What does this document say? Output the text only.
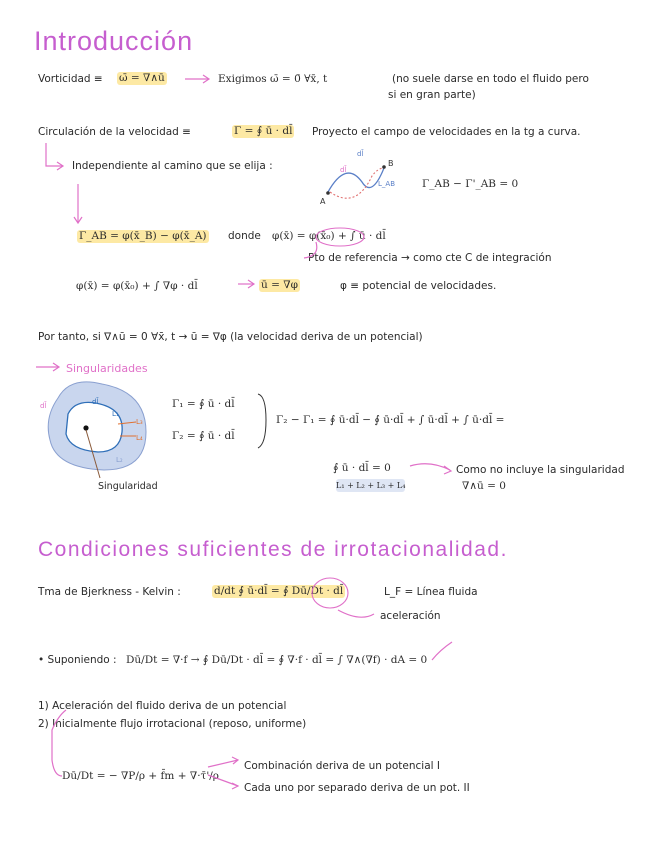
Introducción
Vorticidad ≡ ω̄ = ∇∧ū	Exigimos ω̄ = 0̄ ∀x̄, t	(no suele darse en todo el fluido pero
si en gran parte)
Circulación de la velocidad ≡	Γ = ∮ ū · dl̄ Proyecto el campo de velocidades en la tg a curva.
Independiente al camino que se elija :
Γ_AB − Γ'_AB = 0
Γ_AB = φ(x̄_B) − φ(x̄_A) donde φ(x̄) = φ(x̄₀) + ∫ ū · dl̄
Pto de referencia → como cte C de integración
φ(x̄) = φ(x̄₀) + ∫ ∇φ · dl̄	ū = ∇φ	φ ≡ potencial de velocidades.
Por tanto, si ∇∧ū = 0 ∀x̄, t → ū = ∇φ (la velocidad deriva de un potencial)
Singularidades
Γ₁ = ∮ ū · dl̄
Γ₂ = ∮ ū · dl̄
Γ₂ − Γ₁ = ∮ ū·dl̄ − ∮ ū·dl̄ + ∫ ū·dl̄ + ∫ ū·dl̄ =
∮ ū · dl̄ = 0
L₁ + L₂ + L₃ + L₄
Como no incluye la singularidad
∇∧ū = 0
Singularidad
Condiciones suficientes de irrotacionalidad.
Tma de Bjerkness - Kelvin :	d/dt ∮ ū·dl̄ = ∮ Dū/Dt · dl̄	L_F = Línea fluida
aceleración
• Suponiendo : Dū/Dt = ∇·f → ∮ Dū/Dt · dl̄ = ∮ ∇·f · dl̄ = ∫ ∇∧(∇f) · dA = 0
1) Aceleración del fluido deriva de un potencial
2) Inicialmente flujo irrotacional (reposo, uniforme)
Dū/Dt = − ∇P/ρ + f̄m + ∇·τ̄'/ρ
Combinación deriva de un potencial I
Cada uno por separado deriva de un pot. II
A
B
dl̄
dl̄
L_AB
dl̄	dl̄
L₁
L₃
L₄
L₂
